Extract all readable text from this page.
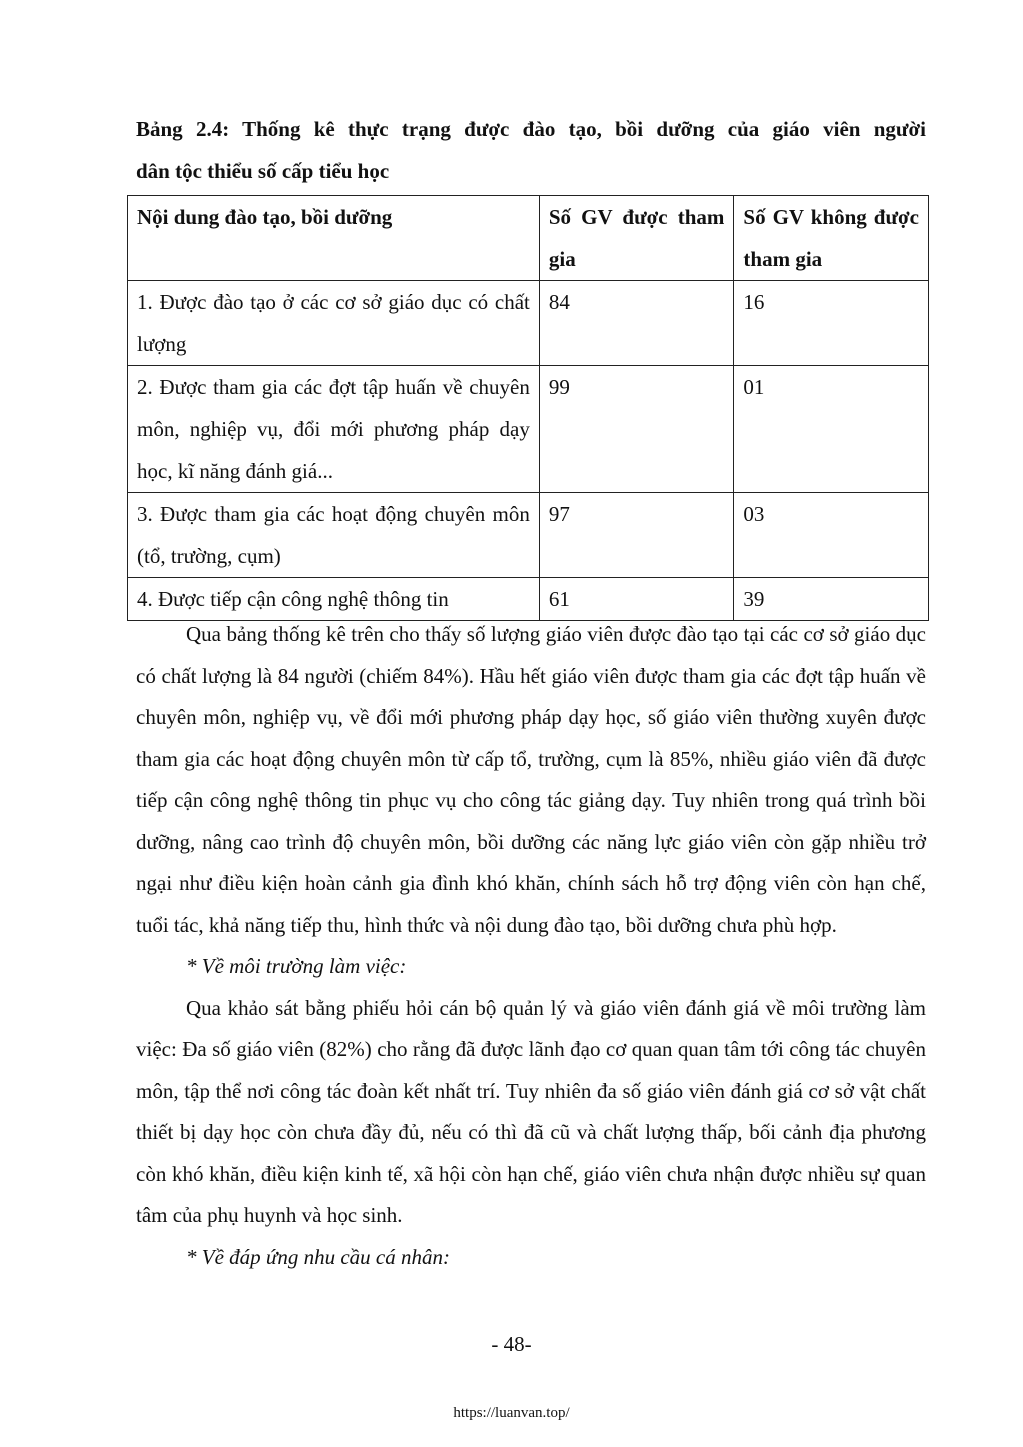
Bảng 2.4: Thống kê thực trạng được đào tạo, bồi dưỡng của giáo viên người
dân tộc thiểu số cấp tiểu học
Nội dung đào tạo, bồi dưỡng	Số GV được tham gia	Số GV không được tham gia
1. Được đào tạo ở các cơ sở giáo dục có chất lượng	84	16
2. Được tham gia các đợt tập huấn về chuyên môn, nghiệp vụ, đổi mới phương pháp dạy học, kĩ năng đánh giá...	99	01
3. Được tham gia các hoạt động chuyên môn (tổ, trường, cụm)	97	03
4. Được tiếp cận công nghệ thông tin	61	39

Qua bảng thống kê trên cho thấy số lượng giáo viên được đào tạo tại các cơ sở giáo dục có chất lượng là 84 người (chiếm 84%). Hầu hết giáo viên được tham gia các đợt tập huấn về chuyên môn, nghiệp vụ, về đổi mới phương pháp dạy học, số giáo viên thường xuyên được tham gia các hoạt động chuyên môn từ cấp tổ, trường, cụm là 85%, nhiều giáo viên đã được tiếp cận công nghệ thông tin phục vụ cho công tác giảng dạy. Tuy nhiên trong quá trình bồi dưỡng, nâng cao trình độ chuyên môn, bồi dưỡng các năng lực giáo viên còn gặp nhiều trở ngại như điều kiện hoàn cảnh gia đình khó khăn, chính sách hỗ trợ động viên còn hạn chế, tuổi tác, khả năng tiếp thu, hình thức và nội dung đào tạo, bồi dưỡng chưa phù hợp.

* Về môi trường làm việc:

Qua khảo sát bằng phiếu hỏi cán bộ quản lý và giáo viên đánh giá về môi trường làm việc: Đa số giáo viên (82%) cho rằng đã được lãnh đạo cơ quan quan tâm tới công tác chuyên môn, tập thể nơi công tác đoàn kết nhất trí. Tuy nhiên đa số giáo viên đánh giá cơ sở vật chất thiết bị dạy học còn chưa đầy đủ, nếu có thì đã cũ và chất lượng thấp, bối cảnh địa phương còn khó khăn, điều kiện kinh tế, xã hội còn hạn chế, giáo viên chưa nhận được nhiều sự quan tâm của phụ huynh và học sinh.

* Về đáp ứng nhu cầu cá nhân:

- 48-
https://luanvan.top/
